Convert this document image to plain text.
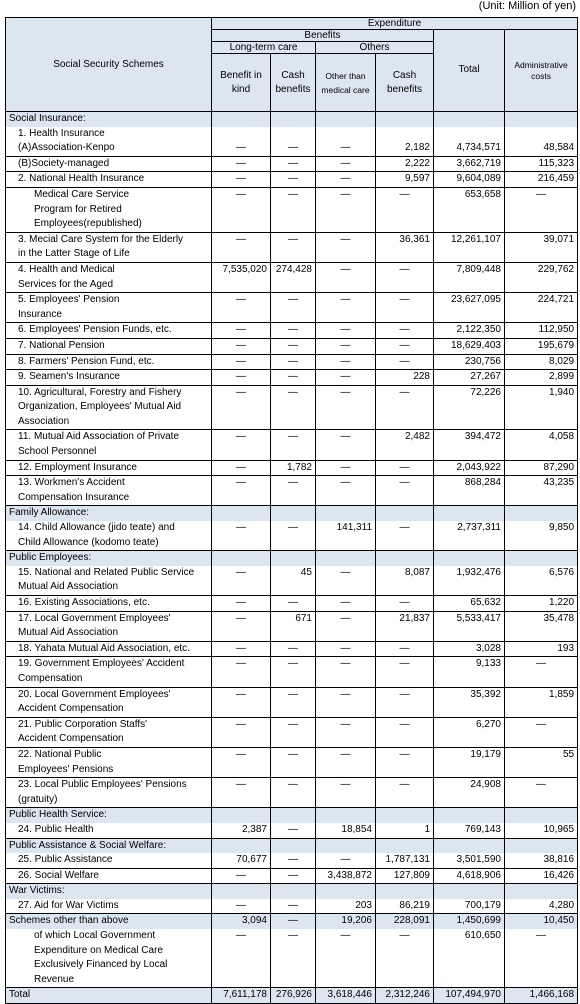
(Unit: Million of yen)
Social Security Schemes	Expenditure					
	Benefits				Total	Administrative costs
	Long-term care		Others			
	Benefit in kind	Cash benefits	Other than medical care	Cash benefits		
Social Insurance:						
1. Health Insurance						
(A)Association-Kenpo	—	—	—	2,182	4,734,571	48,584
(B)Society-managed	—	—	—	2,222	3,662,719	115,323
2. National Health Insurance	—	—	—	9,597	9,604,089	216,459
Medical Care Service
Program for Retired
Employees(republished)	—	—	—	—	653,658	—
3. Mecial Care System for the Elderly
in the Latter Stage of Life	—	—	—	36,361	12,261,107	39,071
4. Health and Medical
Services for the Aged	7,535,020	274,428	—	—	7,809,448	229,762
5. Employees' Pension
Insurance	—	—	—	—	23,627,095	224,721
6. Employees' Pension Funds, etc.	—	—	—	—	2,122,350	112,950
7. National Pension	—	—	—	—	18,629,403	195,679
8. Farmers' Pension Fund, etc.	—	—	—	—	230,756	8,029
9. Seamen's Insurance	—	—	—	228	27,267	2,899
10. Agricultural, Forestry and Fishery
Organization, Employees' Mutual Aid
Association	—	—	—	—	72,226	1,940
11. Mutual Aid Association of Private
School Personnel	—	—	—	2,482	394,472	4,058
12. Employment Insurance	—	1,782	—	—	2,043,922	87,290
13. Workmen's Accident
Compensation Insurance	—	—	—	—	868,284	43,235
Family Allowance:						
14. Child Allowance (jido teate) and
Child Allowance (kodomo teate)	—	—	141,311	—	2,737,311	9,850
Public Employees:						
15. National and Related Public Service
Mutual Aid Association	—	45	—	8,087	1,932,476	6,576
16. Existing Associations, etc.	—	—	—	—	65,632	1,220
17. Local Government Employees'
Mutual Aid Association	—	671	—	21,837	5,533,417	35,478
18. Yahata Mutual Aid Association, etc.	—	—	—	—	3,028	193
19. Government Employees' Accident
Compensation	—	—	—	—	9,133	—
20. Local Government Employees'
Accident Compensation	—	—	—	—	35,392	1,859
21. Public Corporation Staffs'
Accident Compensation	—	—	—	—	6,270	—
22. National Public
Employees' Pensions	—	—	—	—	19,179	55
23. Local Public Employees' Pensions
(gratuity)	—	—	—	—	24,908	—
Public Health Service:						
24. Public Health	2,387	—	18,854	1	769,143	10,965
Public Assistance & Social Welfare:						
25. Public Assistance	70,677	—	—	1,787,131	3,501,590	38,816
26. Social Welfare	—	—	3,438,872	127,809	4,618,906	16,426
War Victims:						
27. Aid for War Victims	—	—	203	86,219	700,179	4,280
Schemes other than above	3,094	—	19,206	228,091	1,450,699	10,450
of which Local Government
Expenditure on Medical Care
Exclusively Financed by Local
Revenue	—	—	—	—	610,650	—
Total	7,611,178	276,926	3,618,446	2,312,246	107,494,970	1,466,168
